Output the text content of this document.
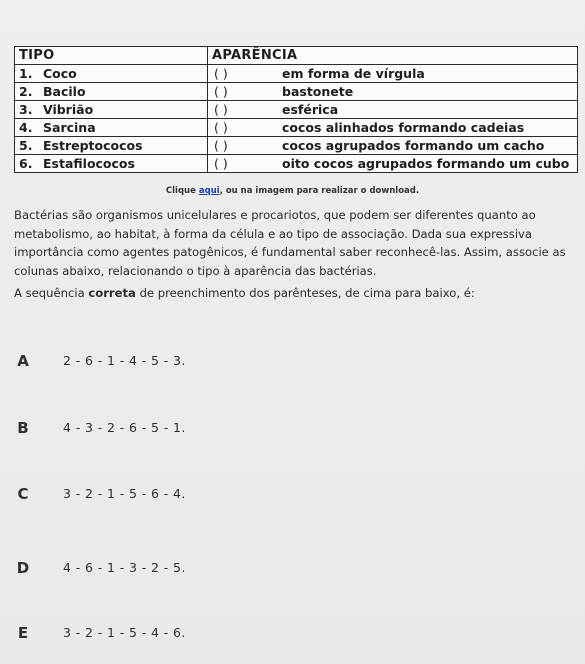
TIPO	APARÊNCIA
1. Coco	( ) em forma de vírgula
2. Bacilo	( ) bastonete
3. Vibrião	( ) esférica
4. Sarcina	( ) cocos alinhados formando cadeias
5. Estreptococos	( ) cocos agrupados formando um cacho
6. Estafilococos	( ) oito cocos agrupados formando um cubo
Clique aqui, ou na imagem para realizar o download.
Bactérias são organismos unicelulares e procariotos, que podem ser diferentes quanto ao metabolismo, ao habitat, à forma da célula e ao tipo de associação. Dada sua expressiva importância como agentes patogênicos, é fundamental saber reconhecê-las. Assim, associe as colunas abaixo, relacionando o tipo à aparência das bactérias.
A sequência correta de preenchimento dos parênteses, de cima para baixo, é:
A	2 - 6 - 1 - 4 - 5 - 3.
B	4 - 3 - 2 - 6 - 5 - 1.
C	3 - 2 - 1 - 5 - 6 - 4.
D	4 - 6 - 1 - 3 - 2 - 5.
E	3 - 2 - 1 - 5 - 4 - 6.
